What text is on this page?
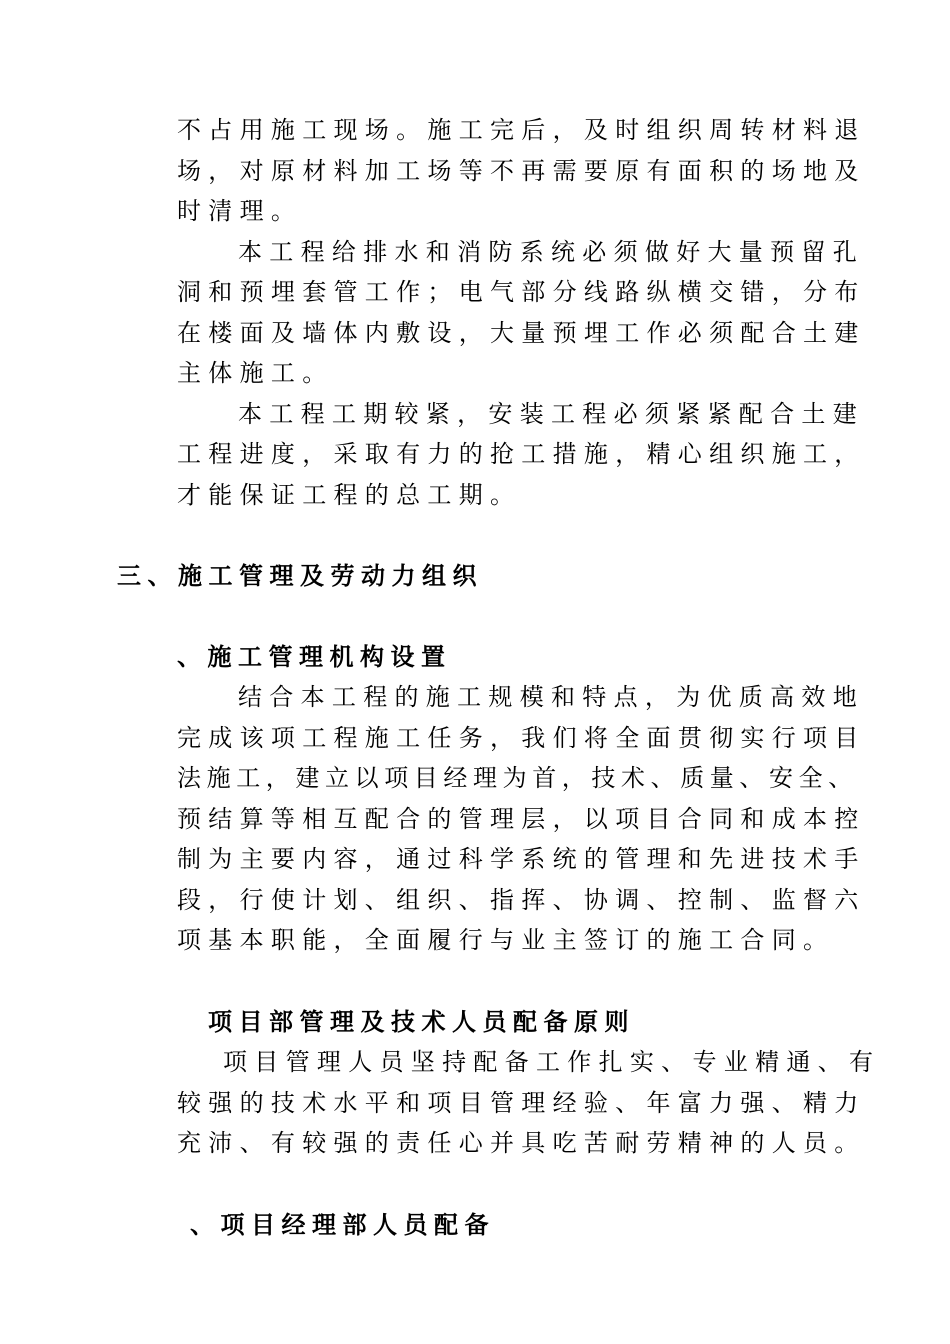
不占用施工现场。施工完后，及时组织周转材料退
场，对原材料加工场等不再需要原有面积的场地及
时清理。
本工程给排水和消防系统必须做好大量预留孔
洞和预埋套管工作；电气部分线路纵横交错，分布
在楼面及墙体内敷设，大量预埋工作必须配合土建
主体施工。
本工程工期较紧，安装工程必须紧紧配合土建
工程进度，采取有力的抢工措施，精心组织施工，
才能保证工程的总工期。
三、施工管理及劳动力组织
、施工管理机构设置
结合本工程的施工规模和特点，为优质高效地
完成该项工程施工任务，我们将全面贯彻实行项目
法施工，建立以项目经理为首，技术、质量、安全、
预结算等相互配合的管理层，以项目合同和成本控
制为主要内容，通过科学系统的管理和先进技术手
段，行使计划、组织、指挥、协调、控制、监督六
项基本职能，全面履行与业主签订的施工合同。
项目部管理及技术人员配备原则
项目管理人员坚持配备工作扎实、专业精通、有
较强的技术水平和项目管理经验、年富力强、精力
充沛、有较强的责任心并具吃苦耐劳精神的人员。
、项目经理部人员配备
